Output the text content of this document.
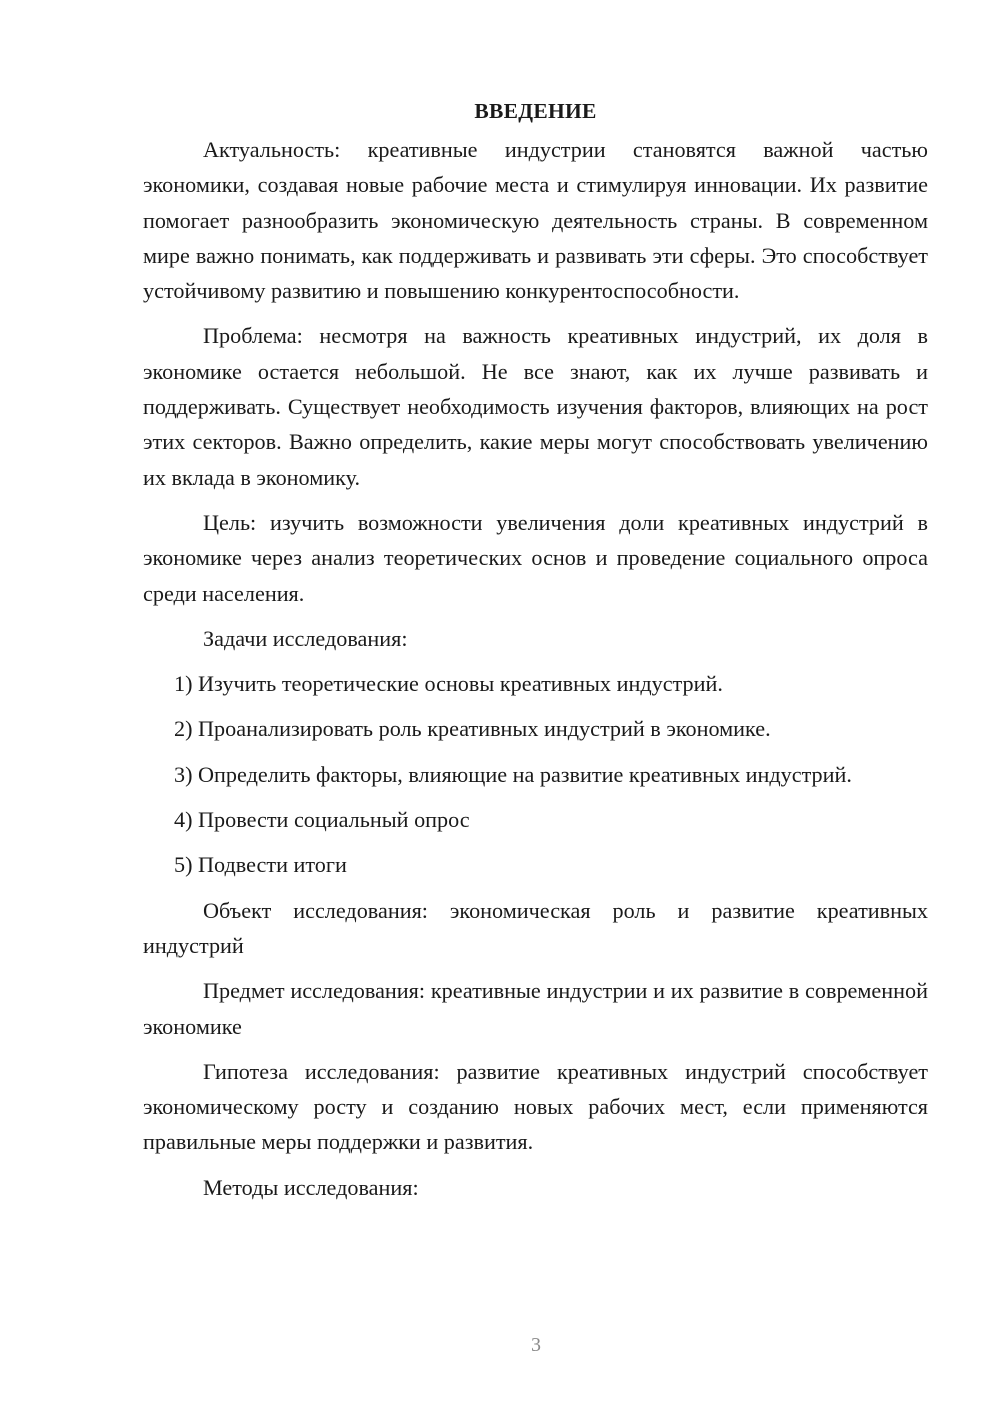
ВВЕДЕНИЕ

Актуальность: креативные индустрии становятся важной частью экономики, создавая новые рабочие места и стимулируя инновации. Их развитие помогает разнообразить экономическую деятельность страны. В современном мире важно понимать, как поддерживать и развивать эти сферы. Это способствует устойчивому развитию и повышению конкурентоспособности.

Проблема: несмотря на важность креативных индустрий, их доля в экономике остается небольшой. Не все знают, как их лучше развивать и поддерживать. Существует необходимость изучения факторов, влияющих на рост этих секторов. Важно определить, какие меры могут способствовать увеличению их вклада в экономику.

Цель: изучить возможности увеличения доли креативных индустрий в экономике через анализ теоретических основ и проведение социального опроса среди населения.

Задачи исследования:

1) Изучить теоретические основы креативных индустрий.

2) Проанализировать роль креативных индустрий в экономике.

3) Определить факторы, влияющие на развитие креативных индустрий.

4) Провести социальный опрос

5) Подвести итоги

Объект исследования: экономическая роль и развитие креативных индустрий

Предмет исследования: креативные индустрии и их развитие в современной экономике

Гипотеза исследования: развитие креативных индустрий способствует экономическому росту и созданию новых рабочих мест, если применяются правильные меры поддержки и развития.

Методы исследования:

3
